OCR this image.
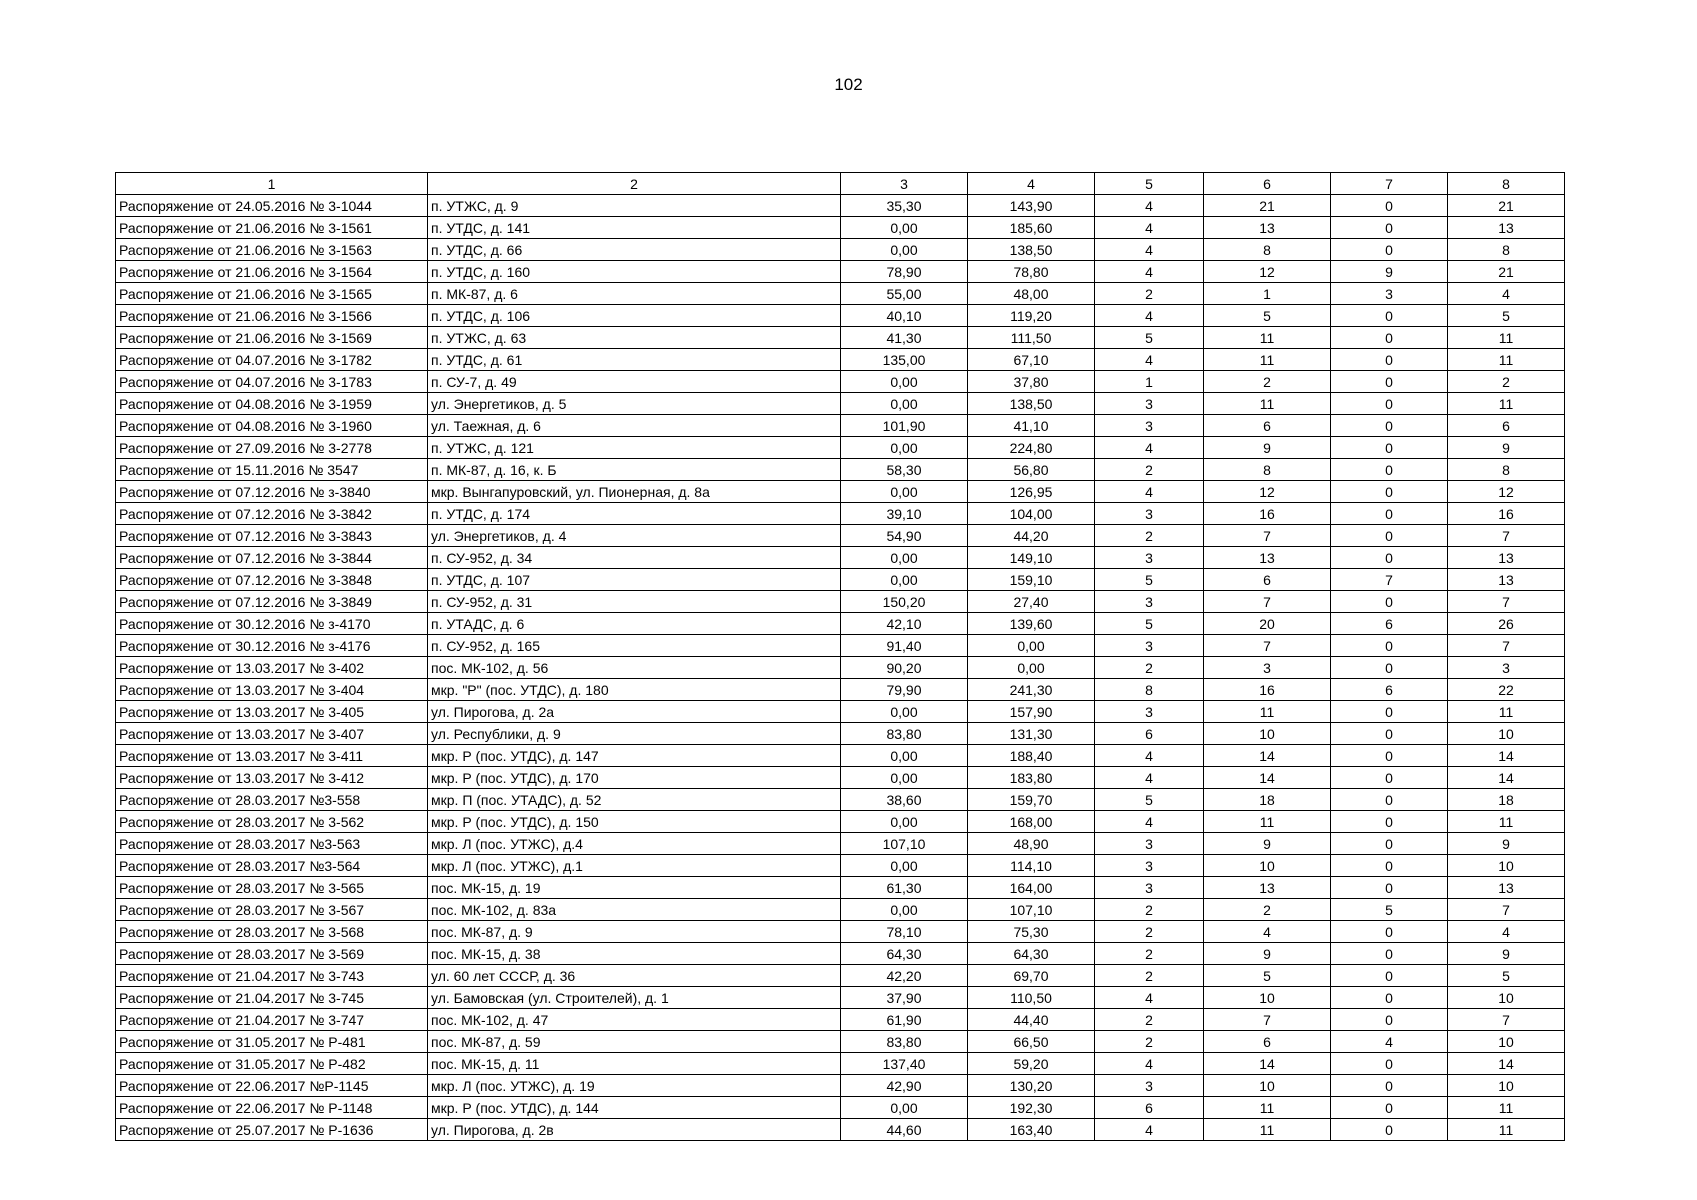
102
1	2	3	4	5	6	7	8
Распоряжение от 24.05.2016 № 3-1044	п. УТЖС, д. 9	35,30	143,90	4	21	0	21
Распоряжение от 21.06.2016 № 3-1561	п. УТДС, д. 141	0,00	185,60	4	13	0	13
Распоряжение от 21.06.2016 № 3-1563	п. УТДС, д. 66	0,00	138,50	4	8	0	8
Распоряжение от 21.06.2016 № 3-1564	п. УТДС, д. 160	78,90	78,80	4	12	9	21
Распоряжение от 21.06.2016 № 3-1565	п. МК-87, д. 6	55,00	48,00	2	1	3	4
Распоряжение от 21.06.2016 № 3-1566	п. УТДС, д. 106	40,10	119,20	4	5	0	5
Распоряжение от 21.06.2016 № 3-1569	п. УТЖС, д. 63	41,30	111,50	5	11	0	11
Распоряжение от 04.07.2016 № 3-1782	п. УТДС, д. 61	135,00	67,10	4	11	0	11
Распоряжение от 04.07.2016 № 3-1783	п. СУ-7, д. 49	0,00	37,80	1	2	0	2
Распоряжение от 04.08.2016 № 3-1959	ул. Энергетиков, д. 5	0,00	138,50	3	11	0	11
Распоряжение от 04.08.2016 № 3-1960	ул. Таежная, д. 6	101,90	41,10	3	6	0	6
Распоряжение от 27.09.2016 № 3-2778	п. УТЖС, д. 121	0,00	224,80	4	9	0	9
Распоряжение от 15.11.2016 № 3547	п. МК-87, д. 16, к. Б	58,30	56,80	2	8	0	8
Распоряжение от 07.12.2016 № з-3840	мкр. Вынгапуровский, ул. Пионерная, д. 8а	0,00	126,95	4	12	0	12
Распоряжение от 07.12.2016 № 3-3842	п. УТДС, д. 174	39,10	104,00	3	16	0	16
Распоряжение от 07.12.2016 № 3-3843	ул. Энергетиков, д. 4	54,90	44,20	2	7	0	7
Распоряжение от 07.12.2016 № 3-3844	п. СУ-952, д. 34	0,00	149,10	3	13	0	13
Распоряжение от 07.12.2016 № 3-3848	п. УТДС, д. 107	0,00	159,10	5	6	7	13
Распоряжение от 07.12.2016 № 3-3849	п. СУ-952, д. 31	150,20	27,40	3	7	0	7
Распоряжение от 30.12.2016 № з-4170	п. УТАДС, д. 6	42,10	139,60	5	20	6	26
Распоряжение от 30.12.2016 № з-4176	п. СУ-952, д. 165	91,40	0,00	3	7	0	7
Распоряжение от 13.03.2017 № 3-402	пос. МК-102, д. 56	90,20	0,00	2	3	0	3
Распоряжение от 13.03.2017 № 3-404	мкр. "Р" (пос. УТДС), д. 180	79,90	241,30	8	16	6	22
Распоряжение от 13.03.2017 № 3-405	ул. Пирогова, д. 2а	0,00	157,90	3	11	0	11
Распоряжение от 13.03.2017 № 3-407	ул. Республики, д. 9	83,80	131,30	6	10	0	10
Распоряжение от 13.03.2017 № 3-411	мкр. Р (пос. УТДС), д. 147	0,00	188,40	4	14	0	14
Распоряжение от 13.03.2017 № 3-412	мкр. Р (пос. УТДС), д. 170	0,00	183,80	4	14	0	14
Распоряжение от 28.03.2017 №3-558	мкр. П (пос. УТАДС), д. 52	38,60	159,70	5	18	0	18
Распоряжение от 28.03.2017 № 3-562	мкр. Р (пос. УТДС), д. 150	0,00	168,00	4	11	0	11
Распоряжение от 28.03.2017 №3-563	мкр. Л (пос. УТЖС), д.4	107,10	48,90	3	9	0	9
Распоряжение от 28.03.2017 №3-564	мкр. Л (пос. УТЖС), д.1	0,00	114,10	3	10	0	10
Распоряжение от 28.03.2017 № 3-565	пос. МК-15, д. 19	61,30	164,00	3	13	0	13
Распоряжение от 28.03.2017 № 3-567	пос. МК-102, д. 83а	0,00	107,10	2	2	5	7
Распоряжение от 28.03.2017 № 3-568	пос. МК-87, д. 9	78,10	75,30	2	4	0	4
Распоряжение от 28.03.2017 № 3-569	пос. МК-15, д. 38	64,30	64,30	2	9	0	9
Распоряжение от 21.04.2017 № 3-743	ул. 60 лет СССР, д. 36	42,20	69,70	2	5	0	5
Распоряжение от 21.04.2017 № 3-745	ул. Бамовская (ул. Строителей), д. 1	37,90	110,50	4	10	0	10
Распоряжение от 21.04.2017 № 3-747	пос. МК-102, д. 47	61,90	44,40	2	7	0	7
Распоряжение от 31.05.2017 № Р-481	пос. МК-87, д. 59	83,80	66,50	2	6	4	10
Распоряжение от 31.05.2017 № Р-482	пос. МК-15, д. 11	137,40	59,20	4	14	0	14
Распоряжение от 22.06.2017 №Р-1145	мкр. Л (пос. УТЖС), д. 19	42,90	130,20	3	10	0	10
Распоряжение от 22.06.2017 № Р-1148	мкр. Р (пос. УТДС), д. 144	0,00	192,30	6	11	0	11
Распоряжение от 25.07.2017 № Р-1636	ул. Пирогова, д. 2в	44,60	163,40	4	11	0	11
